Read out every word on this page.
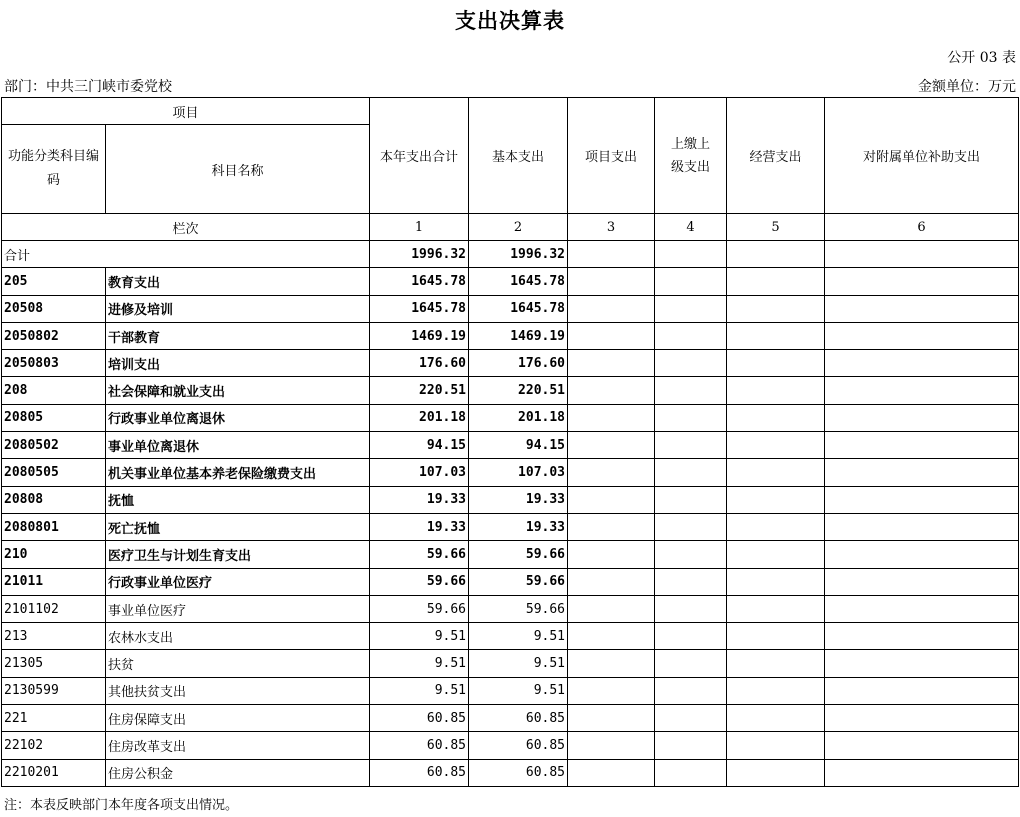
支出决算表
公开 03 表
部门：中共三门峡市委党校	金额单位：万元
项目		本年支出合计	基本支出	项目支出	上缴上级支出	经营支出	对附属单位补助支出
功能分类科目编码	科目名称						
栏次		1	2	3	4	5	6
合计		1996.32	1996.32				
205	教育支出	1645.78	1645.78				
20508	进修及培训	1645.78	1645.78				
2050802	干部教育	1469.19	1469.19				
2050803	培训支出	176.60	176.60				
208	社会保障和就业支出	220.51	220.51				
20805	行政事业单位离退休	201.18	201.18				
2080502	事业单位离退休	94.15	94.15				
2080505	机关事业单位基本养老保险缴费支出	107.03	107.03				
20808	抚恤	19.33	19.33				
2080801	死亡抚恤	19.33	19.33				
210	医疗卫生与计划生育支出	59.66	59.66				
21011	行政事业单位医疗	59.66	59.66				
2101102	事业单位医疗	59.66	59.66				
213	农林水支出	9.51	9.51				
21305	扶贫	9.51	9.51				
2130599	其他扶贫支出	9.51	9.51				
221	住房保障支出	60.85	60.85				
22102	住房改革支出	60.85	60.85				
2210201	住房公积金	60.85	60.85				
注：本表反映部门本年度各项支出情况。
